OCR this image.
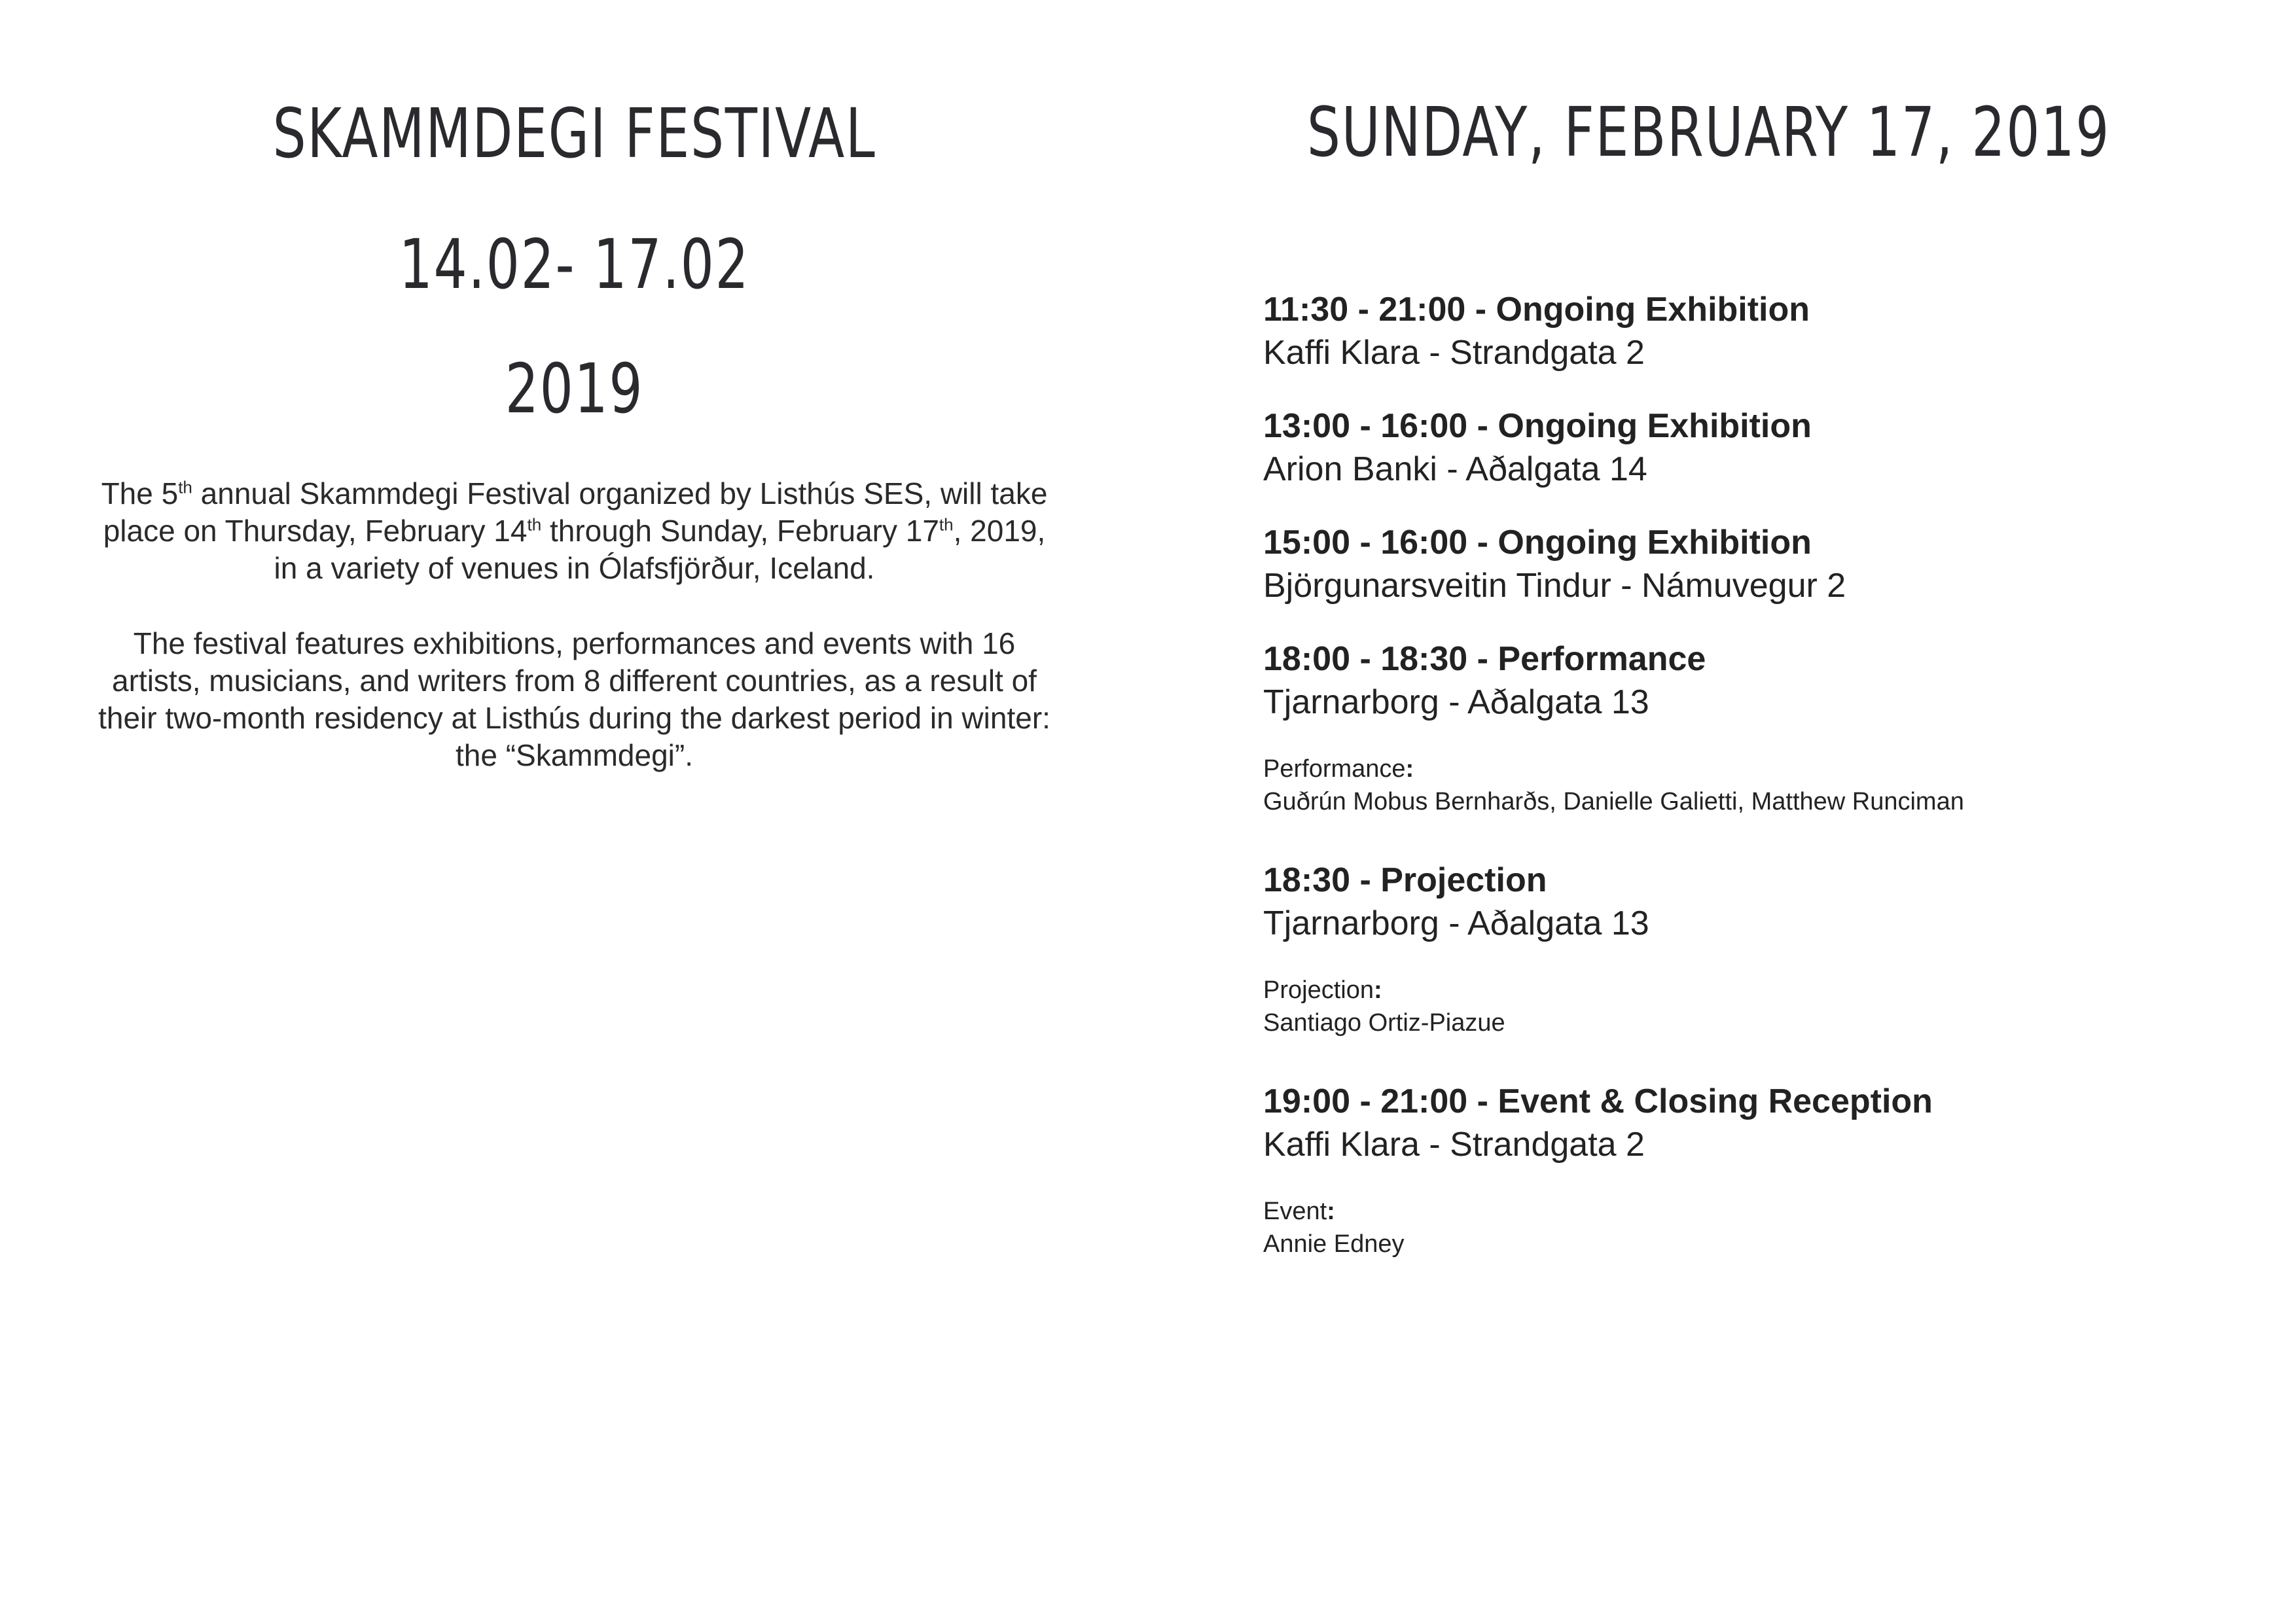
SKAMMDEGI FESTIVAL
14.02- 17.02
2019

The 5th annual Skammdegi Festival organized by Listhús SES, will take place on Thursday, February 14th through Sunday, February 17th, 2019, in a variety of venues in Ólafsfjörður, Iceland.

The festival features exhibitions, performances and events with 16 artists, musicians, and writers from 8 different countries, as a result of their two-month residency at Listhús during the darkest period in winter:
the “Skammdegi”.

SUNDAY, FEBRUARY 17, 2019
11:30 - 21:00 - Ongoing Exhibition
Kaffi Klara - Strandgata 2
13:00 - 16:00 - Ongoing Exhibition
Arion Banki - Aðalgata 14
15:00 - 16:00 - Ongoing Exhibition
Björgunarsveitin Tindur - Námuvegur 2
18:00 - 18:30 - Performance
Tjarnarborg - Aðalgata 13
Performance:
Guðrún Mobus Bernharðs, Danielle Galietti, Matthew Runciman
18:30 - Projection
Tjarnarborg - Aðalgata 13
Projection:
Santiago Ortiz-Piazue
19:00 - 21:00 - Event & Closing Reception
Kaffi Klara - Strandgata 2
Event:
Annie Edney
